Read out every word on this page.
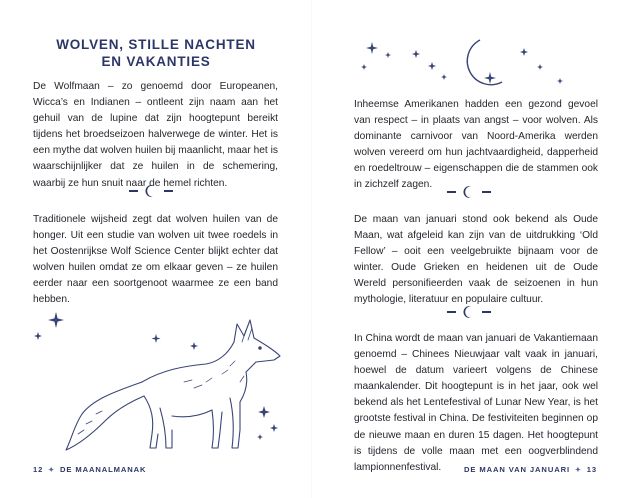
WOLVEN, STILLE NACHTEN
EN VAKANTIES

De Wolfmaan – zo genoemd door Europeanen, Wicca’s en Indianen – ontleent zijn naam aan het gehuil van de lupine dat zijn hoogtepunt bereikt tijdens het broedseizoen halverwege de winter. Het is een mythe dat wolven huilen bij maanlicht, maar het is waarschijnlijker dat ze huilen in de schemering, waarbij ze hun snuit naar de hemel richten.

Traditionele wijsheid zegt dat wolven huilen van de honger. Uit een studie van wolven uit twee roedels in het Oostenrijkse Wolf Science Center blijkt echter dat wolven huilen omdat ze om elkaar geven – ze huilen eerder naar een soortgenoot waarmee ze een band hebben.

12 ✦ DE MAANALMANAK

Inheemse Amerikanen hadden een gezond gevoel van respect – in plaats van angst – voor wolven. Als dominante carnivoor van Noord-Amerika werden wolven vereerd om hun jachtvaardigheid, dapperheid en roedeltrouw – eigenschappen die de stammen ook in zichzelf zagen.

De maan van januari stond ook bekend als Oude Maan, wat afgeleid kan zijn van de uitdrukking ‘Old Fellow’ – ooit een veelgebruikte bijnaam voor de winter. Oude Grieken en heidenen uit de Oude Wereld personifieerden vaak de seizoenen in hun mythologie, literatuur en populaire cultuur.

In China wordt de maan van januari de Vakantiemaan genoemd – Chinees Nieuwjaar valt vaak in januari, hoewel de datum varieert volgens de Chinese maankalender. Dit hoogtepunt is in het jaar, ook wel bekend als het Lentefestival of Lunar New Year, is het grootste festival in China. De festiviteiten beginnen op de nieuwe maan en duren 15 dagen. Het hoogtepunt is tijdens de volle maan met een oogverblindend lampionnenfestival.	DE MAAN VAN JANUARI ✦ 13
